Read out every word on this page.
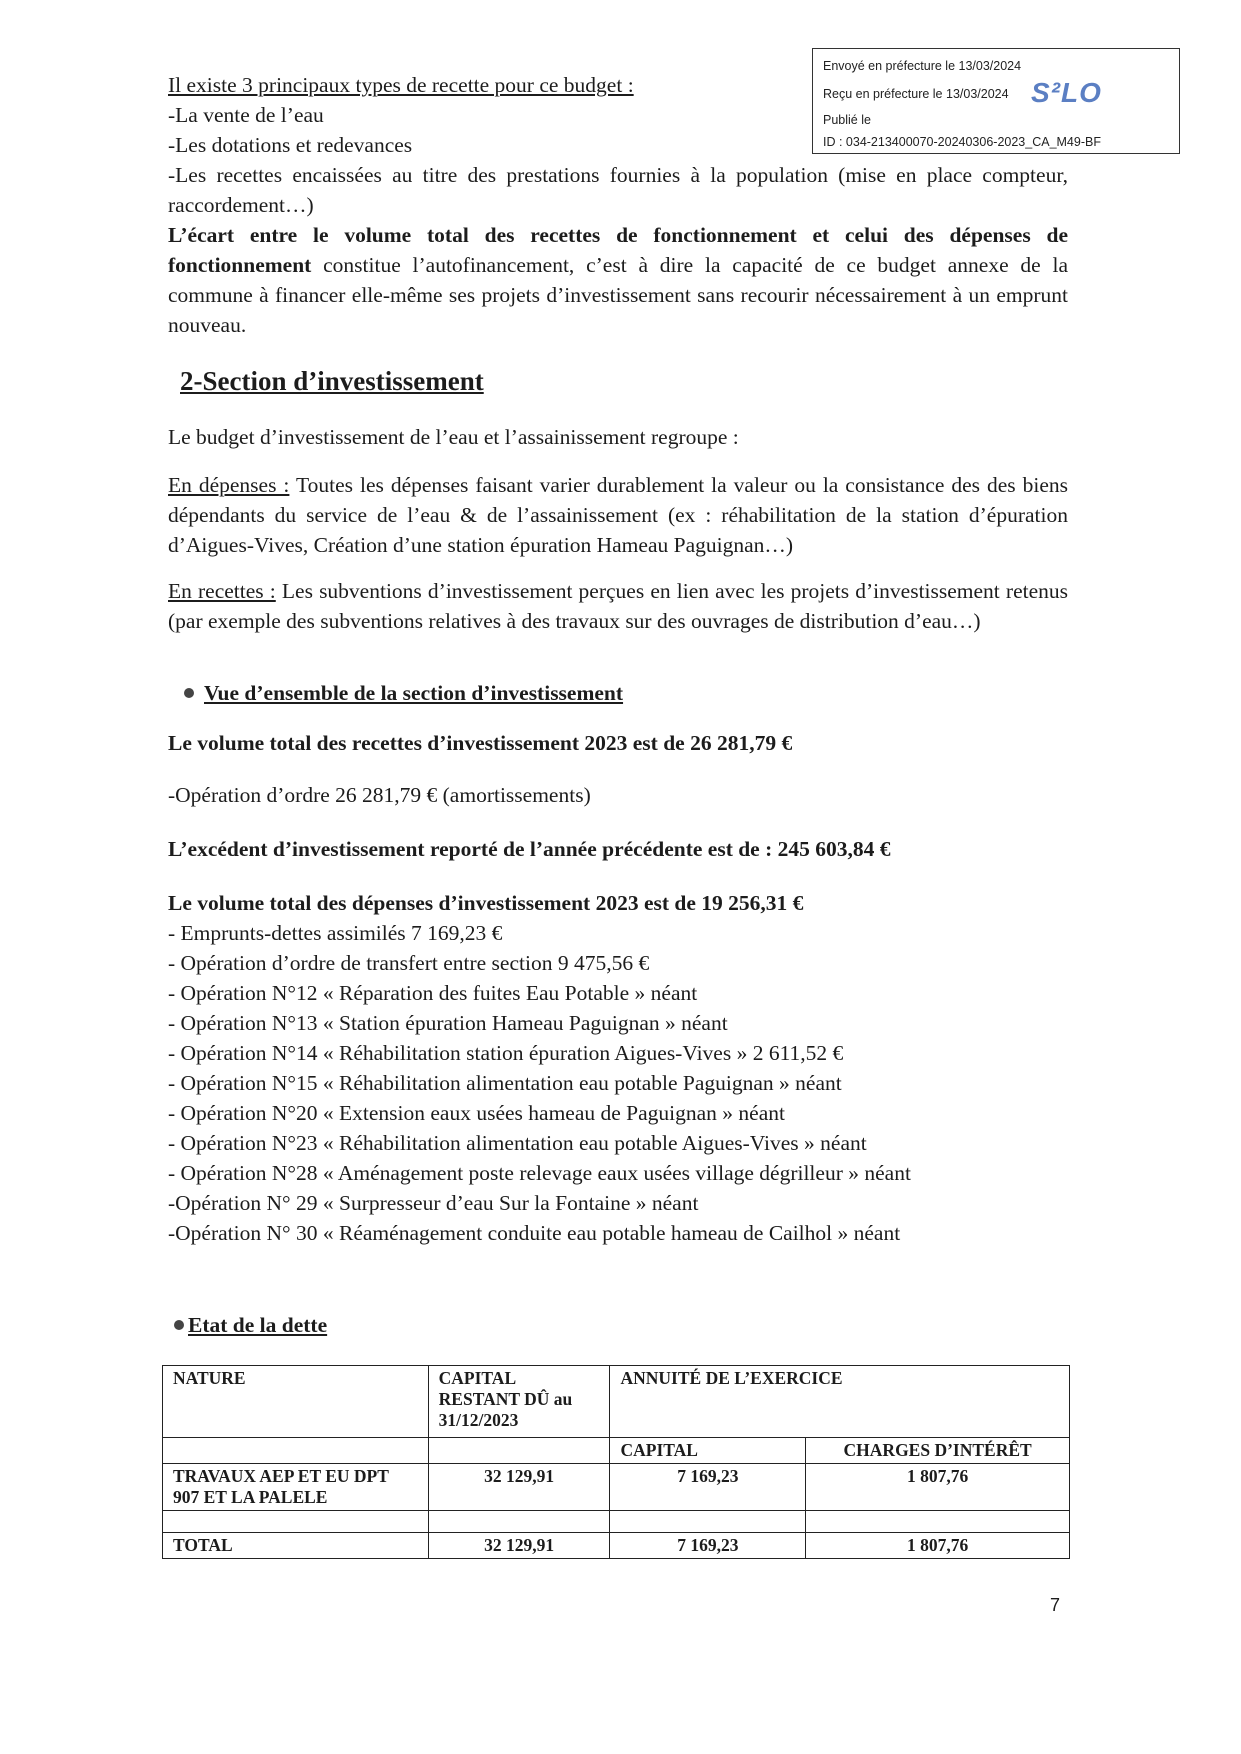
Envoyé en préfecture le 13/03/2024
Reçu en préfecture le 13/03/2024
Publié le
ID : 034-213400070-20240306-2023_CA_M49-BF
S²LO
Il existe 3 principaux types de recette pour ce budget :
-La vente de l’eau
-Les dotations et redevances
-Les recettes encaissées au titre des prestations fournies à la population (mise en place compteur, raccordement…)
L’écart entre le volume total des recettes de fonctionnement et celui des dépenses de fonctionnement constitue l’autofinancement, c’est à dire la capacité de ce budget annexe de la commune à financer elle-même ses projets d’investissement sans recourir nécessairement à un emprunt nouveau.
2-Section d’investissement
Le budget d’investissement de l’eau et l’assainissement regroupe :
En dépenses : Toutes les dépenses faisant varier durablement la valeur ou la consistance des des biens dépendants du service de l’eau & de l’assainissement (ex : réhabilitation de la station d’épuration d’Aigues-Vives, Création d’une station épuration Hameau Paguignan…)
En recettes : Les subventions d’investissement perçues en lien avec les projets d’investissement retenus (par exemple des subventions relatives à des travaux sur des ouvrages de distribution d’eau…)
Vue d’ensemble de la section d’investissement
Le volume total des recettes d’investissement 2023 est de 26 281,79 €
-Opération d’ordre 26 281,79 € (amortissements)
L’excédent d’investissement reporté de l’année précédente est de : 245 603,84 €
Le volume total des dépenses d’investissement 2023 est de 19 256,31 €
- Emprunts-dettes assimilés 7 169,23 €
- Opération d’ordre de transfert entre section 9 475,56 €
- Opération N°12 « Réparation des fuites Eau Potable » néant
- Opération N°13 « Station épuration Hameau Paguignan » néant
- Opération N°14 « Réhabilitation station épuration Aigues-Vives » 2 611,52 €
- Opération N°15 « Réhabilitation alimentation eau potable Paguignan » néant
- Opération N°20 « Extension eaux usées hameau de Paguignan » néant
- Opération N°23 « Réhabilitation alimentation eau potable Aigues-Vives » néant
- Opération N°28 « Aménagement poste relevage eaux usées village dégrilleur » néant
-Opération N° 29 « Surpresseur d’eau Sur la Fontaine » néant
-Opération N° 30 « Réaménagement conduite eau potable hameau de Cailhol » néant
Etat de la dette
NATURE	CAPITAL RESTANT DÛ au 31/12/2023	ANNUITÉ DE L’EXERCICE	
		CAPITAL	CHARGES D’INTÉRÊT
TRAVAUX AEP ET EU DPT 907 ET LA PALELE	32 129,91	7 169,23	1 807,76

TOTAL	32 129,91	7 169,23	1 807,76
7
